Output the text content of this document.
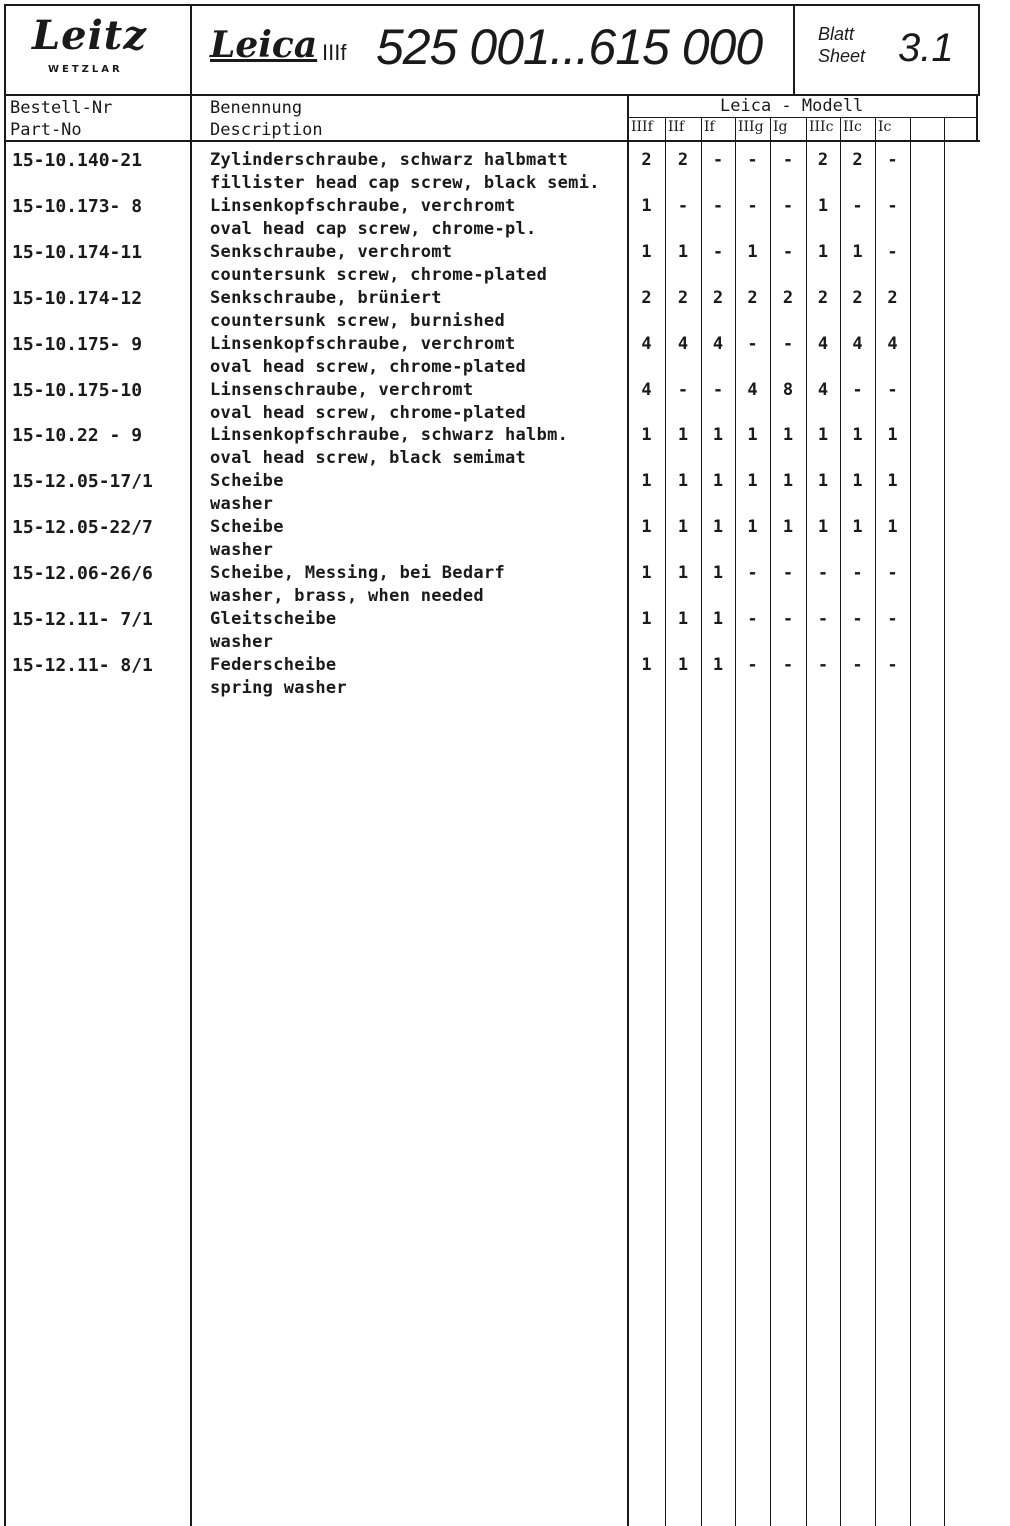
Leitz
WETZLAR
Leica IIIf 525 001...615 000	Blatt
Sheet 3.1
Bestell-Nr
Part-No
Benennung
Description
Leica - Modell
IIIf IIf If IIIg Ig IIIc IIc Ic
15-10.140-21	Zylinderschraube, schwarz halbmatt
fillister head cap screw, black semi.
2	2	-	-	-	2	2	-
15-10.173- 8	Linsenkopfschraube, verchromt
oval head cap screw, chrome-pl.
1	-	-	-	-	1	-	-
15-10.174-11	Senkschraube, verchromt
countersunk screw, chrome-plated
1	1	-	1	-	1	1	-
15-10.174-12	Senkschraube, brüniert
countersunk screw, burnished
2	2	2	2	2	2	2	2
15-10.175- 9	Linsenkopfschraube, verchromt
oval head screw, chrome-plated
4	4	4	-	-	4	4	4
15-10.175-10	Linsenschraube, verchromt
oval head screw, chrome-plated
4	-	-	4	8	4	-	-
15-10.22 - 9	Linsenkopfschraube, schwarz halbm.
oval head screw, black semimat
1	1	1	1	1	1	1	1
15-12.05-17/1	Scheibe
washer
1	1	1	1	1	1	1	1
15-12.05-22/7	Scheibe
washer
1	1	1	1	1	1	1	1
15-12.06-26/6	Scheibe, Messing, bei Bedarf
washer, brass, when needed
1	1	1	-	-	-	-	-
15-12.11- 7/1	Gleitscheibe
washer
1	1	1	-	-	-	-	-
15-12.11- 8/1	Federscheibe
spring washer
1	1	1	-	-	-	-	-
